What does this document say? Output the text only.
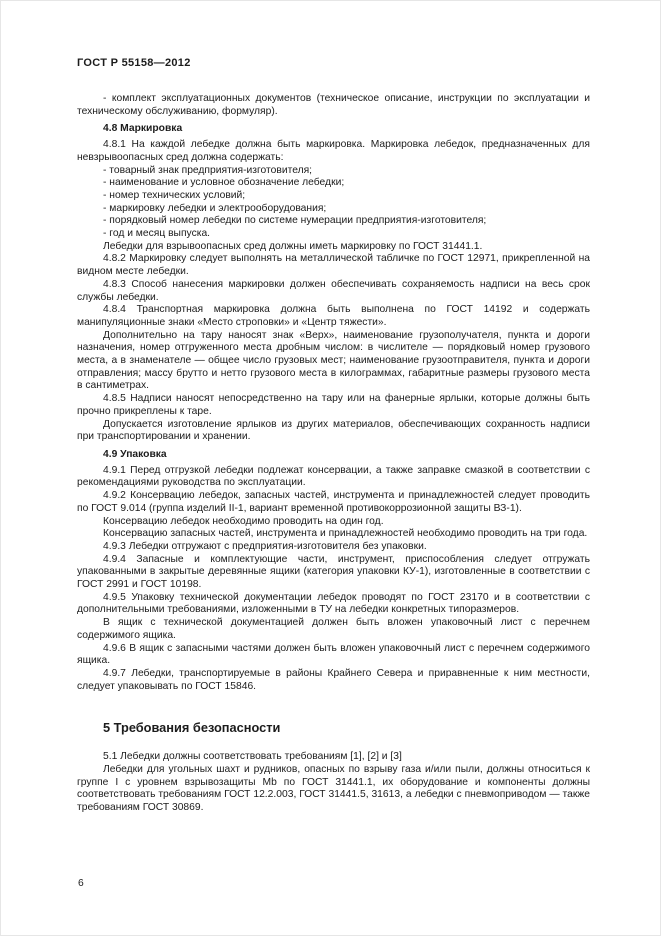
ГОСТ Р 55158—2012
- комплект эксплуатационных документов (техническое описание, инструкции по эксплуатации и техническому обслуживанию, формуляр).
4.8 Маркировка
4.8.1 На каждой лебедке должна быть маркировка. Маркировка лебедок, предназначенных для невзрывоопасных сред должна содержать:
- товарный знак предприятия-изготовителя;
- наименование и условное обозначение лебедки;
- номер технических условий;
- маркировку лебедки и электрооборудования;
- порядковый номер лебедки по системе нумерации предприятия-изготовителя;
- год и месяц выпуска.
Лебедки для взрывоопасных сред должны иметь маркировку по ГОСТ 31441.1.
4.8.2 Маркировку следует выполнять на металлической табличке по ГОСТ 12971, прикрепленной на видном месте лебедки.
4.8.3 Способ нанесения маркировки должен обеспечивать сохраняемость надписи на весь срок службы лебедки.
4.8.4 Транспортная маркировка должна быть выполнена по ГОСТ 14192 и содержать манипуляционные знаки «Место строповки» и «Центр тяжести».
Дополнительно на тару наносят знак «Верх», наименование грузополучателя, пункта и дороги назначения, номер отгруженного места дробным числом: в числителе — порядковый номер грузового места, а в знаменателе — общее число грузовых мест; наименование грузоотправителя, пункта и дороги отправления; массу брутто и нетто грузового места в килограммах, габаритные размеры грузового места в сантиметрах.
4.8.5 Надписи наносят непосредственно на тару или на фанерные ярлыки, которые должны быть прочно прикреплены к таре.
Допускается изготовление ярлыков из других материалов, обеспечивающих сохранность надписи при транспортировании и хранении.
4.9 Упаковка
4.9.1 Перед отгрузкой лебедки подлежат консервации, а также заправке смазкой в соответствии с рекомендациями руководства по эксплуатации.
4.9.2 Консервацию лебедок, запасных частей, инструмента и принадлежностей следует проводить по ГОСТ 9.014 (группа изделий II-1, вариант временной противокоррозионной защиты ВЗ-1).
Консервацию лебедок необходимо проводить на один год.
Консервацию запасных частей, инструмента и принадлежностей необходимо проводить на три года.
4.9.3 Лебедки отгружают с предприятия-изготовителя без упаковки.
4.9.4 Запасные и комплектующие части, инструмент, приспособления следует отгружать упакованными в закрытые деревянные ящики (категория упаковки КУ-1), изготовленные в соответствии с ГОСТ 2991 и ГОСТ 10198.
4.9.5 Упаковку технической документации лебедок проводят по ГОСТ 23170 и в соответствии с дополнительными требованиями, изложенными в ТУ на лебедки конкретных типоразмеров.
В ящик с технической документацией должен быть вложен упаковочный лист с перечнем содержимого ящика.
4.9.6 В ящик с запасными частями должен быть вложен упаковочный лист с перечнем содержимого ящика.
4.9.7 Лебедки, транспортируемые в районы Крайнего Севера и приравненные к ним местности, следует упаковывать по ГОСТ 15846.
5 Требования безопасности
5.1 Лебедки должны соответствовать требованиям [1], [2] и [3]
Лебедки для угольных шахт и рудников, опасных по взрыву газа и/или пыли, должны относиться к группе I с уровнем взрывозащиты Mb по ГОСТ 31441.1, их оборудование и компоненты должны соответствовать требованиям ГОСТ 12.2.003, ГОСТ 31441.5, 31613, а лебедки с пневмоприводом — также требованиям ГОСТ 30869.
6
